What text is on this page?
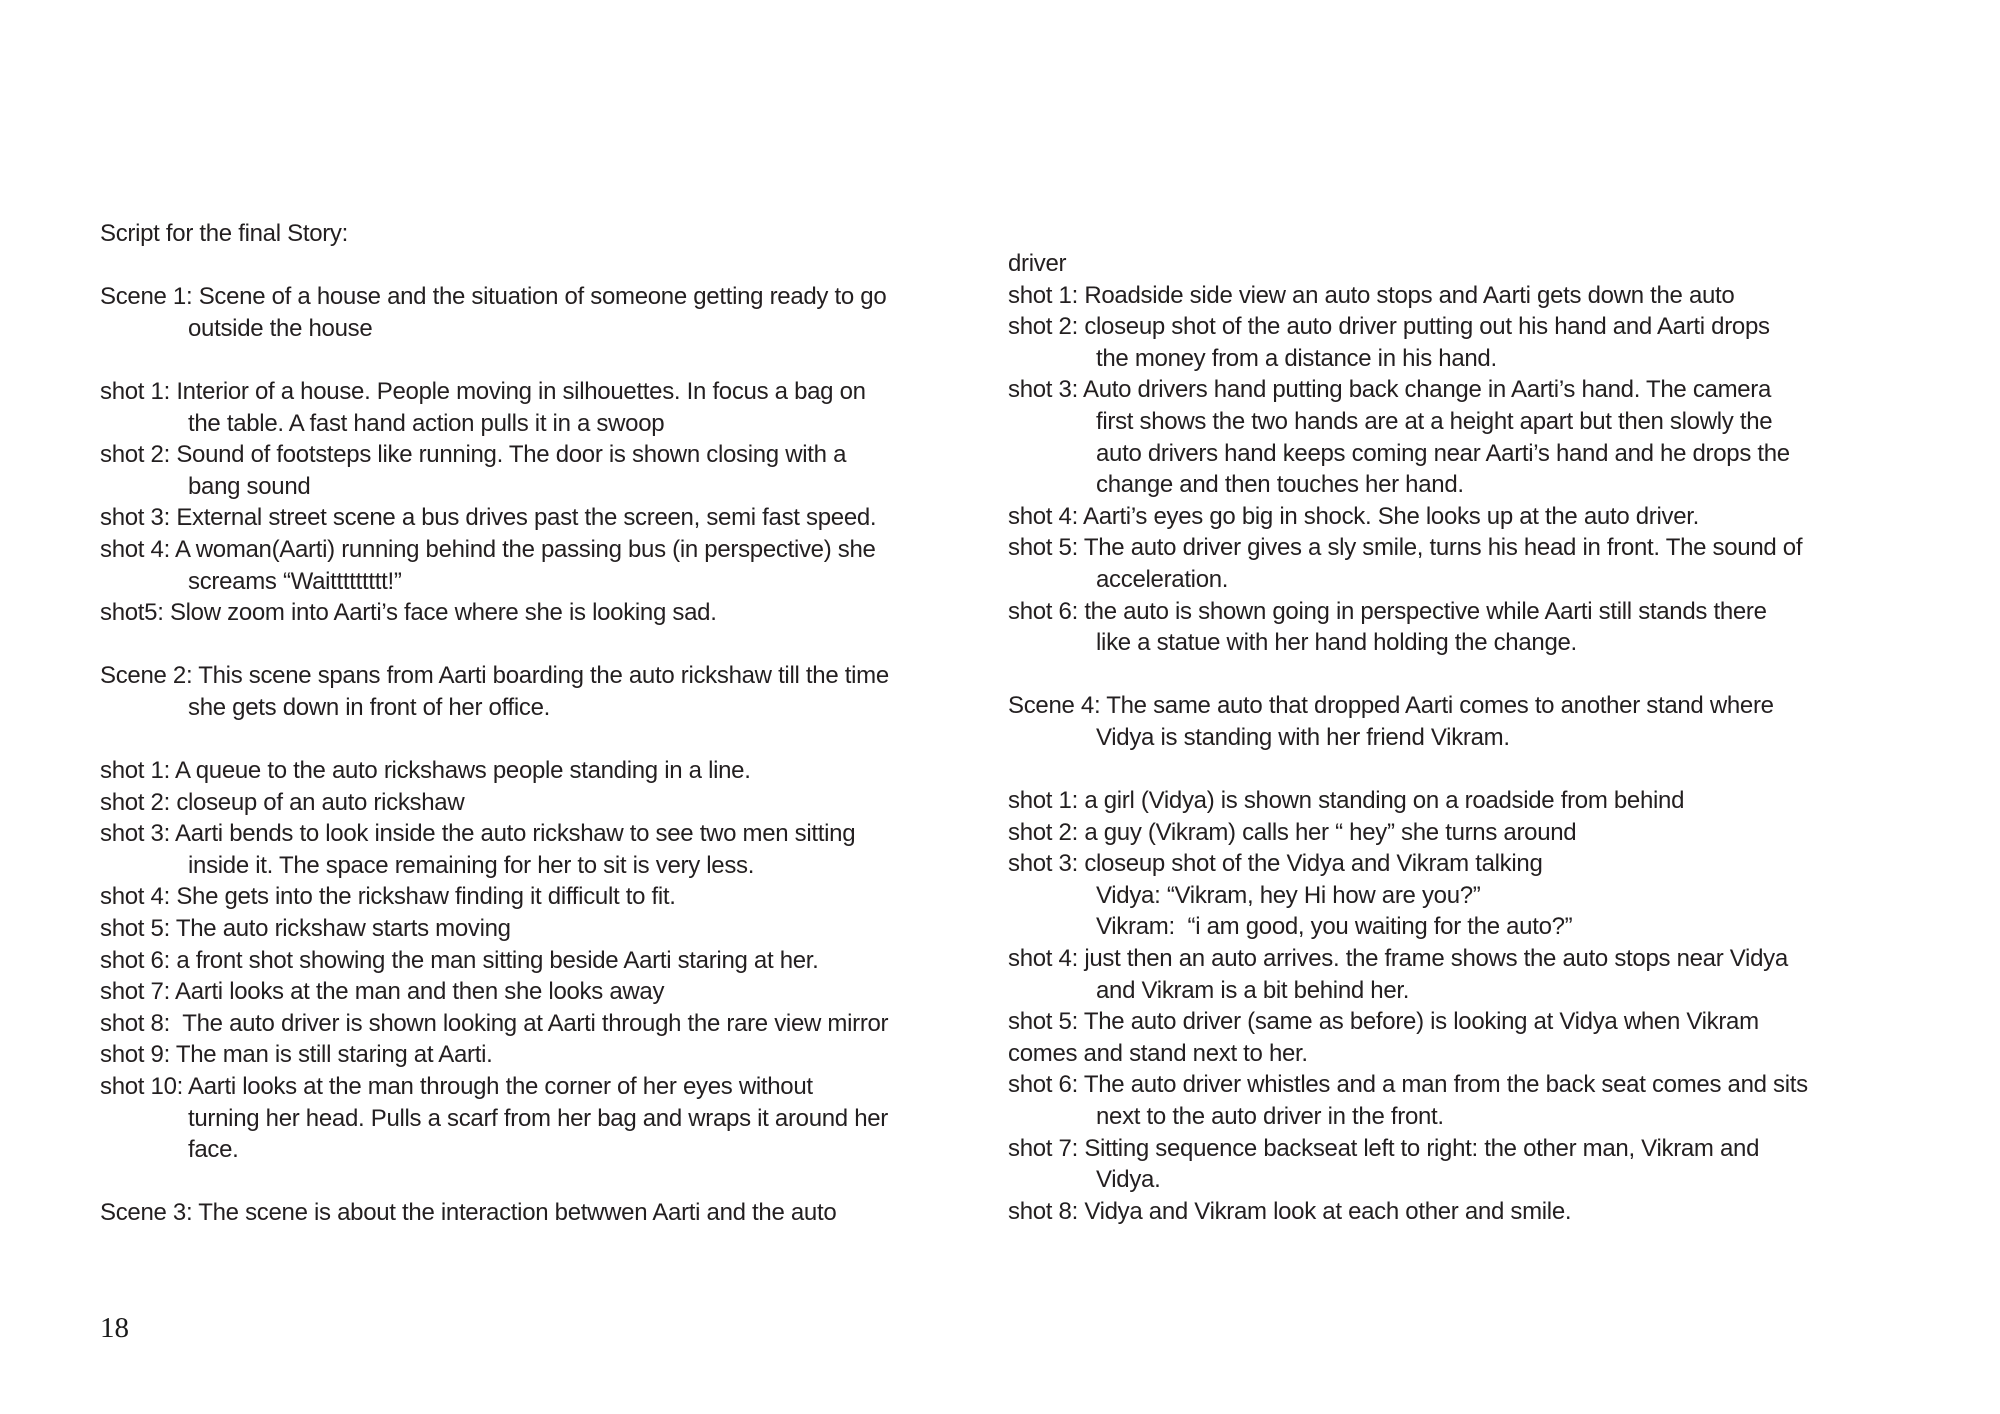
Script for the final Story:

Scene 1: Scene of a house and the situation of someone getting ready to go
outside the house

shot 1: Interior of a house. People moving in silhouettes. In focus a bag on
the table. A fast hand action pulls it in a swoop
shot 2: Sound of footsteps like running. The door is shown closing with a
bang sound
shot 3: External street scene a bus drives past the screen, semi fast speed.
shot 4: A woman(Aarti) running behind the passing bus (in perspective) she
screams “Waittttttttt!”
shot5: Slow zoom into Aarti’s face where she is looking sad.

Scene 2: This scene spans from Aarti boarding the auto rickshaw till the time
she gets down in front of her office.

shot 1: A queue to the auto rickshaws people standing in a line.
shot 2: closeup of an auto rickshaw
shot 3: Aarti bends to look inside the auto rickshaw to see two men sitting
inside it. The space remaining for her to sit is very less.
shot 4: She gets into the rickshaw finding it difficult to fit.
shot 5: The auto rickshaw starts moving
shot 6: a front shot showing the man sitting beside Aarti staring at her.
shot 7: Aarti looks at the man and then she looks away
shot 8:  The auto driver is shown looking at Aarti through the rare view mirror
shot 9: The man is still staring at Aarti.
shot 10: Aarti looks at the man through the corner of her eyes without
turning her head. Pulls a scarf from her bag and wraps it around her
face.

Scene 3: The scene is about the interaction betwwen Aarti and the auto
driver
shot 1: Roadside side view an auto stops and Aarti gets down the auto
shot 2: closeup shot of the auto driver putting out his hand and Aarti drops
the money from a distance in his hand.
shot 3: Auto drivers hand putting back change in Aarti’s hand. The camera
first shows the two hands are at a height apart but then slowly the
auto drivers hand keeps coming near Aarti’s hand and he drops the
change and then touches her hand.
shot 4: Aarti’s eyes go big in shock. She looks up at the auto driver.
shot 5: The auto driver gives a sly smile, turns his head in front. The sound of
acceleration.
shot 6: the auto is shown going in perspective while Aarti still stands there
like a statue with her hand holding the change.

Scene 4: The same auto that dropped Aarti comes to another stand where
Vidya is standing with her friend Vikram.

shot 1: a girl (Vidya) is shown standing on a roadside from behind
shot 2: a guy (Vikram) calls her “ hey” she turns around
shot 3: closeup shot of the Vidya and Vikram talking
Vidya: “Vikram, hey Hi how are you?”
Vikram:  “i am good, you waiting for the auto?”
shot 4: just then an auto arrives. the frame shows the auto stops near Vidya
and Vikram is a bit behind her.
shot 5: The auto driver (same as before) is looking at Vidya when Vikram
comes and stand next to her.
shot 6: The auto driver whistles and a man from the back seat comes and sits
next to the auto driver in the front.
shot 7: Sitting sequence backseat left to right: the other man, Vikram and
Vidya.
shot 8: Vidya and Vikram look at each other and smile.
18
